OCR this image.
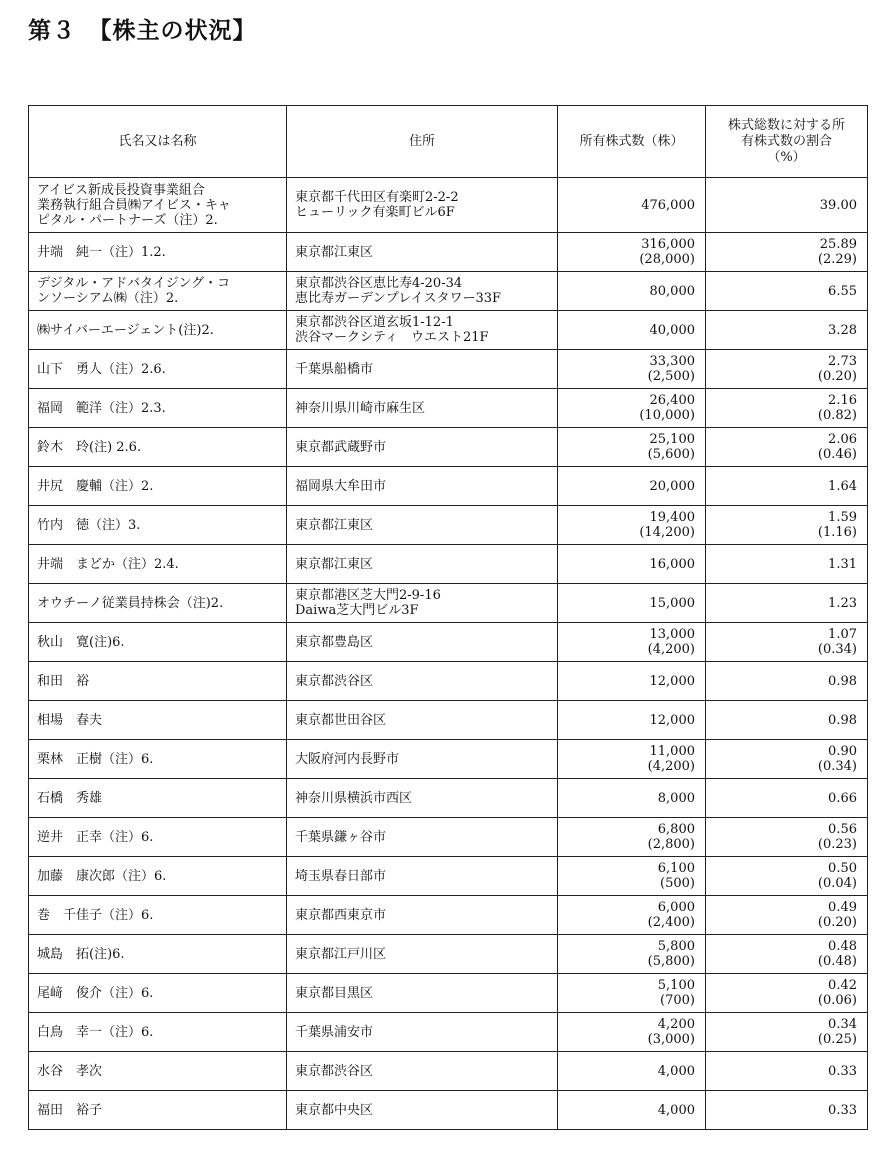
第３　【株主の状況】
氏名又は名称	住所	所有株式数（株）	株式総数に対する所
有株式数の割合
（%）

アイビス新成長投資事業組合
業務執行組合員㈱アイビス・キャ
ピタル・パートナーズ（注）2.	東京都千代田区有楽町2-2-2
ヒューリック有楽町ビル6F	476,000	39.00

井端　純一（注）1.2.	東京都江東区	316,000
(28,000)	25.89
(2.29)

デジタル・アドバタイジング・コ
ンソーシアム㈱（注）2.	東京都渋谷区恵比寿4-20-34
恵比寿ガーデンプレイスタワー33F	80,000	6.55

㈱サイバーエージェント(注)2.	東京都渋谷区道玄坂1-12-1
渋谷マークシティ　ウエスト21F	40,000	3.28

山下　勇人（注）2.6.	千葉県船橋市	33,300
(2,500)	2.73
(0.20)

福岡　範洋（注）2.3.	神奈川県川崎市麻生区	26,400
(10,000)	2.16
(0.82)

鈴木　玲(注) 2.6.	東京都武蔵野市	25,100
(5,600)	2.06
(0.46)

井尻　慶輔（注）2.	福岡県大牟田市	20,000	1.64

竹内　徳（注）3.	東京都江東区	19,400
(14,200)	1.59
(1.16)

井端　まどか（注）2.4.	東京都江東区	16,000	1.31

オウチーノ従業員持株会（注)2.	東京都港区芝大門2-9-16
Daiwa芝大門ビル3F	15,000	1.23

秋山　寛(注)6.	東京都豊島区	13,000
(4,200)	1.07
(0.34)

和田　裕	東京都渋谷区	12,000	0.98

相場　春夫	東京都世田谷区	12,000	0.98

栗林　正樹（注）6.	大阪府河内長野市	11,000
(4,200)	0.90
(0.34)

石橋　秀雄	神奈川県横浜市西区	8,000	0.66

逆井　正幸（注）6.	千葉県鎌ヶ谷市	6,800
(2,800)	0.56
(0.23)

加藤　康次郎（注）6.	埼玉県春日部市	6,100
(500)	0.50
(0.04)

巻　千佳子（注）6.	東京都西東京市	6,000
(2,400)	0.49
(0.20)

城島　拓(注)6.	東京都江戸川区	5,800
(5,800)	0.48
(0.48)

尾﨑　俊介（注）6.	東京都目黒区	5,100
(700)	0.42
(0.06)

白鳥　幸一（注）6.	千葉県浦安市	4,200
(3,000)	0.34
(0.25)

水谷　孝次	東京都渋谷区	4,000	0.33

福田　裕子	東京都中央区	4,000	0.33
